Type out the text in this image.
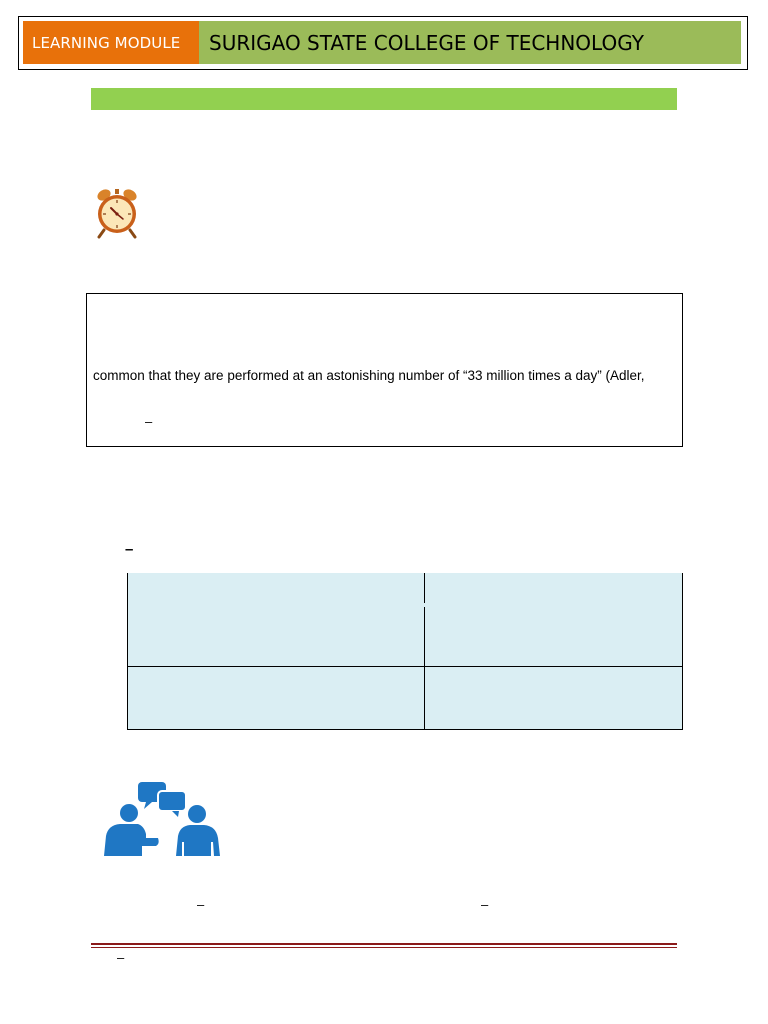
LEARNING MODULE	SURIGAO STATE COLLEGE OF TECHNOLOGY
common that they are performed at an astonishing number of “33 million times a day” (Adler,
–
–
–	–
–
